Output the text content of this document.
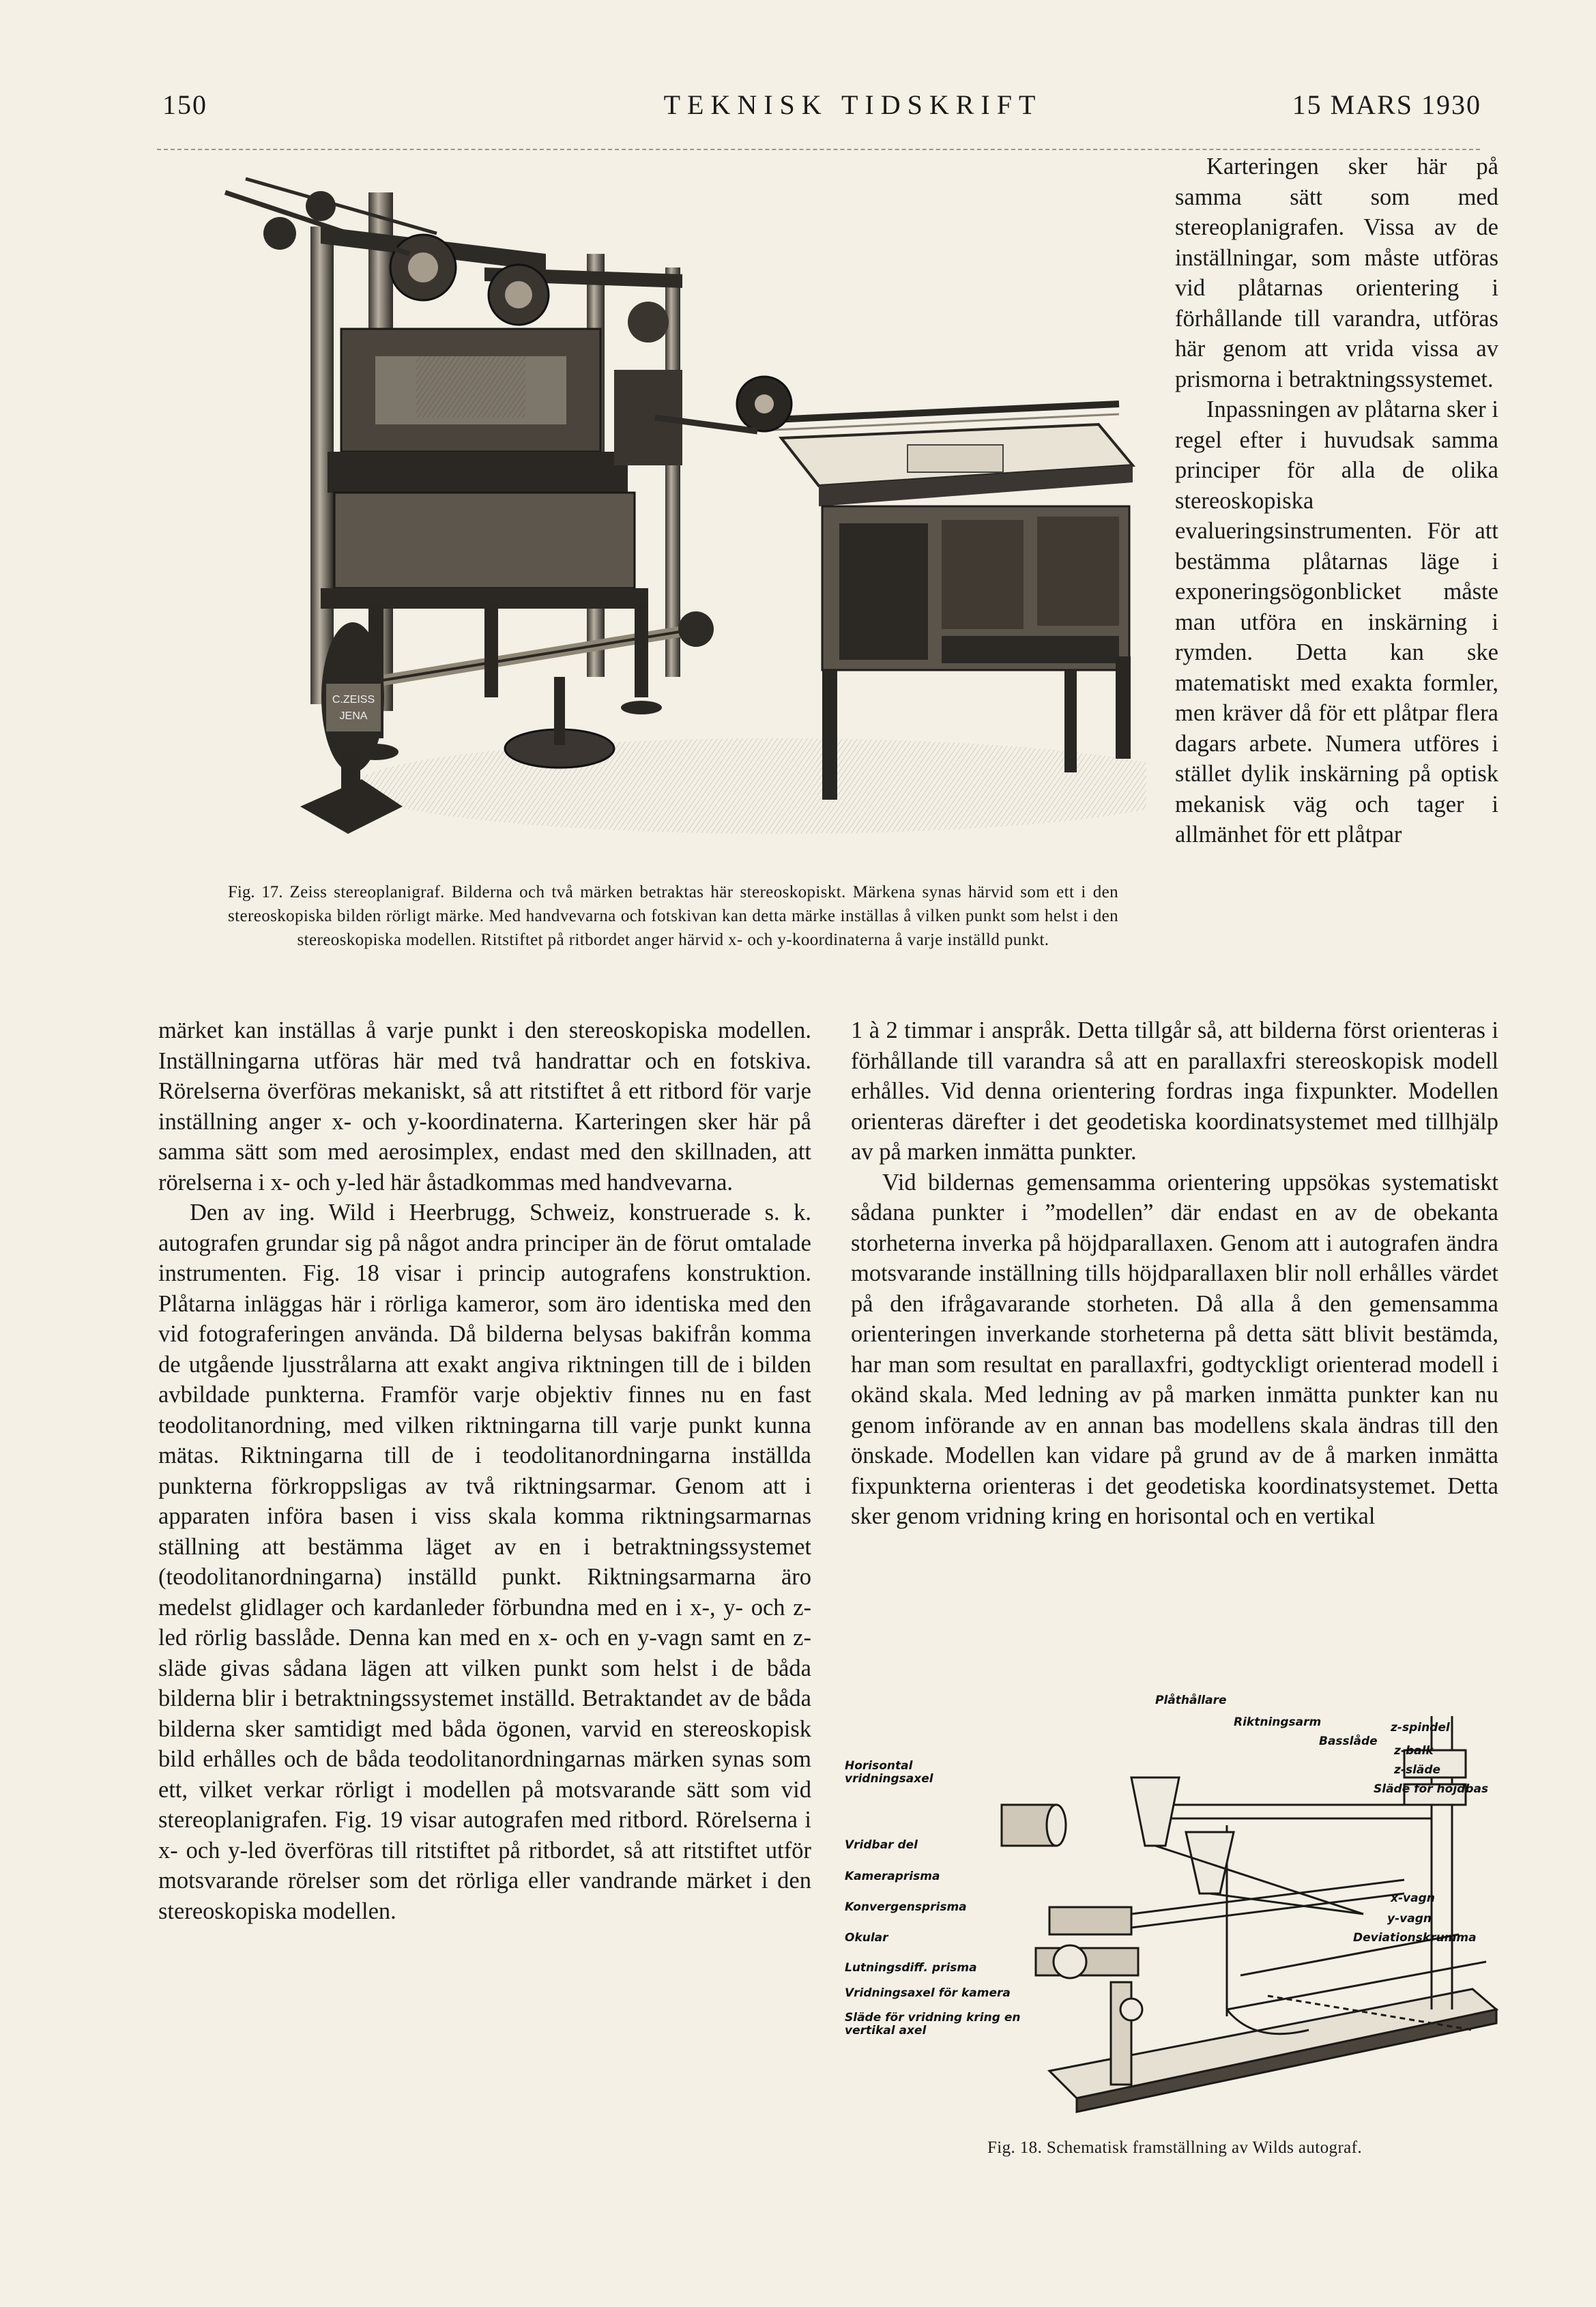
150	TEKNISK TIDSKRIFT	15 MARS 1930
C.ZEISS
JENA
Fig. 17. Zeiss stereoplanigraf. Bilderna och två märken betraktas här stereoskopiskt. Märkena synas härvid som ett i den stereoskopiska bilden rörligt märke. Med handvevarna och fotskivan kan detta märke inställas å vilken punkt som helst i den stereoskopiska modellen. Ritstiftet på ritbordet anger härvid x- och y-koordinaterna å varje inställd punkt.

Karteringen sker här på samma sätt som med stereoplanigrafen. Vissa av de inställningar, som måste utföras vid plåtarnas orientering i förhållande till varandra, utföras här genom att vrida vissa av prismorna i betraktningssystemet.

Inpassningen av plåtarna sker i regel efter i huvudsak samma principer för alla de olika stereoskopiska evalueringsinstrumenten. För att bestämma plåtarnas läge i exponeringsögonblicket måste man utföra en inskärning i rymden. Detta kan ske matematiskt med exakta formler, men kräver då för ett plåtpar flera dagars arbete. Numera utföres i stället dylik inskärning på optisk mekanisk väg och tager i allmänhet för ett plåtpar

märket kan inställas å varje punkt i den stereoskopiska modellen. Inställningarna utföras här med två handrattar och en fotskiva. Rörelserna överföras mekaniskt, så att ritstiftet å ett ritbord för varje inställning anger x- och y-koordinaterna. Karteringen sker här på samma sätt som med aerosimplex, endast med den skillnaden, att rörelserna i x- och y-led här åstadkommas med handvevarna.

Den av ing. Wild i Heerbrugg, Schweiz, konstruerade s. k. autografen grundar sig på något andra principer än de förut omtalade instrumenten. Fig. 18 visar i princip autografens konstruktion. Plåtarna inläggas här i rörliga kameror, som äro identiska med den vid fotograferingen använda. Då bilderna belysas bakifrån komma de utgående ljusstrålarna att exakt angiva riktningen till de i bilden avbildade punkterna. Framför varje objektiv finnes nu en fast teodolitanordning, med vilken riktningarna till varje punkt kunna mätas. Riktningarna till de i teodolitanordningarna inställda punkterna förkroppsligas av två riktningsarmar. Genom att i apparaten införa basen i viss skala komma riktningsarmarnas ställning att bestämma läget av en i betraktningssystemet (teodolitanordningarna) inställd punkt. Riktningsarmarna äro medelst glidlager och kardanleder förbundna med en i x-, y- och z-led rörlig basslåde. Denna kan med en x- och en y-vagn samt en z-släde givas sådana lägen att vilken punkt som helst i de båda bilderna blir i betraktningssystemet inställd. Betraktandet av de båda bilderna sker samtidigt med båda ögonen, varvid en stereoskopisk bild erhålles och de båda teodolitanordningarnas märken synas som ett, vilket verkar rörligt i modellen på motsvarande sätt som vid stereoplanigrafen. Fig. 19 visar autografen med ritbord. Rörelserna i x- och y-led överföras till ritstiftet på ritbordet, så att ritstiftet utför motsvarande rörelser som det rörliga eller vandrande märket i den stereoskopiska modellen.

1 à 2 timmar i anspråk. Detta tillgår så, att bilderna först orienteras i förhållande till varandra så att en parallaxfri stereoskopisk modell erhålles. Vid denna orientering fordras inga fixpunkter. Modellen orienteras därefter i det geodetiska koordinatsystemet med tillhjälp av på marken inmätta punkter.

Vid bildernas gemensamma orientering uppsökas systematiskt sådana punkter i ”modellen” där endast en av de obekanta storheterna inverka på höjdparallaxen. Genom att i autografen ändra motsvarande inställning tills höjdparallaxen blir noll erhålles värdet på den ifrågavarande storheten. Då alla å den gemensamma orienteringen inverkande storheterna på detta sätt blivit bestämda, har man som resultat en parallaxfri, godtyckligt orienterad modell i okänd skala. Med ledning av på marken inmätta punkter kan nu genom införande av en annan bas modellens skala ändras till den önskade. Modellen kan vidare på grund av de å marken inmätta fixpunkterna orienteras i det geodetiska koordinatsystemet. Detta sker genom vridning kring en horisontal och en vertikal

Plåthållare
Riktningsarm
Basslåde
z-spindel
z-balk
z-släde
Släde för höjdbas
Horisontal vridningsaxel
Vridbar del
Kameraprisma
Konvergensprisma
Okular
Lutningsdiff. prisma
Vridningsaxel för kamera
Släde för vridning kring en vertikal axel
x-vagn
y-vagn
Deviationskrumma
Fig. 18. Schematisk framställning av Wilds autograf.
